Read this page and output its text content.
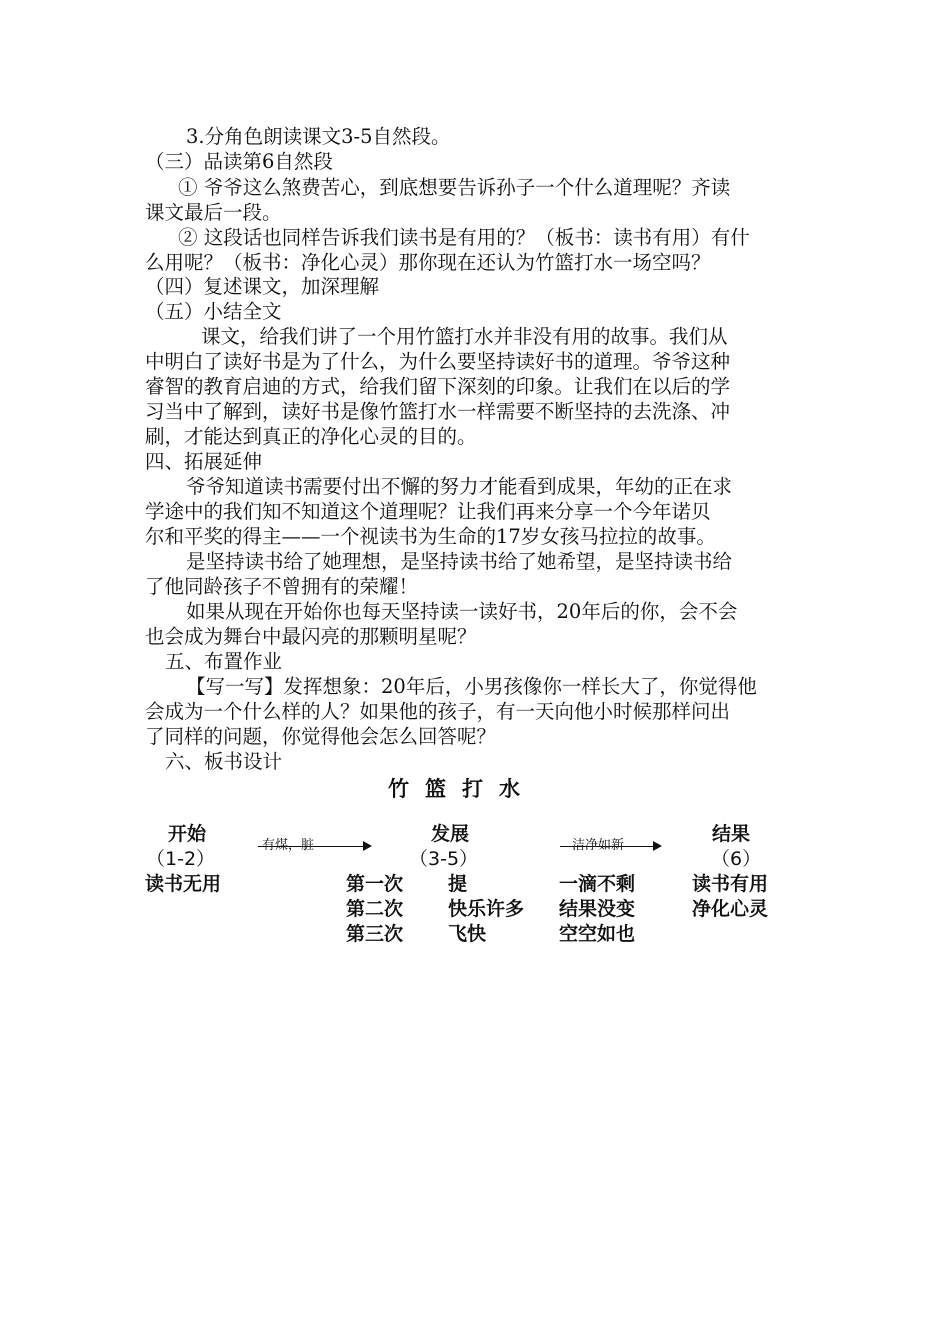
3.分角色朗读课文3-5自然段。
（三）品读第6自然段
① 爷爷这么煞费苦心，到底想要告诉孙子一个什么道理呢？齐读
课文最后一段。
② 这段话也同样告诉我们读书是有用的？（板书：读书有用）有什
么用呢？（板书：净化心灵）那你现在还认为竹篮打水一场空吗？
（四）复述课文，加深理解
（五）小结全文
课文，给我们讲了一个用竹篮打水并非没有用的故事。我们从
中明白了读好书是为了什么，为什么要坚持读好书的道理。爷爷这种
睿智的教育启迪的方式，给我们留下深刻的印象。让我们在以后的学
习当中了解到，读好书是像竹篮打水一样需要不断坚持的去洗涤、冲
刷，才能达到真正的净化心灵的目的。
四、拓展延伸
爷爷知道读书需要付出不懈的努力才能看到成果，年幼的正在求
学途中的我们知不知道这个道理呢？让我们再来分享一个今年诺贝
尔和平奖的得主——一个视读书为生命的17岁女孩马拉拉的故事。
是坚持读书给了她理想，是坚持读书给了她希望，是坚持读书给
了他同龄孩子不曾拥有的荣耀！
如果从现在开始你也每天坚持读一读好书，20年后的你，会不会
也会成为舞台中最闪亮的那颗明星呢？
五、布置作业
【写一写】发挥想象：20年后，小男孩像你一样长大了，你觉得他
会成为一个什么样的人？如果他的孩子，有一天向他小时候那样问出
了同样的问题，你觉得他会怎么回答呢？
六、板书设计
竹篮打水
开始
（1-2）
读书无用
有煤，脏
发展
（3-5）
洁净如新
结果
（6）
读书有用
净化心灵
第一次 提	一滴不剩
第二次 快乐许多 结果没变
第三次 飞快	空空如也
